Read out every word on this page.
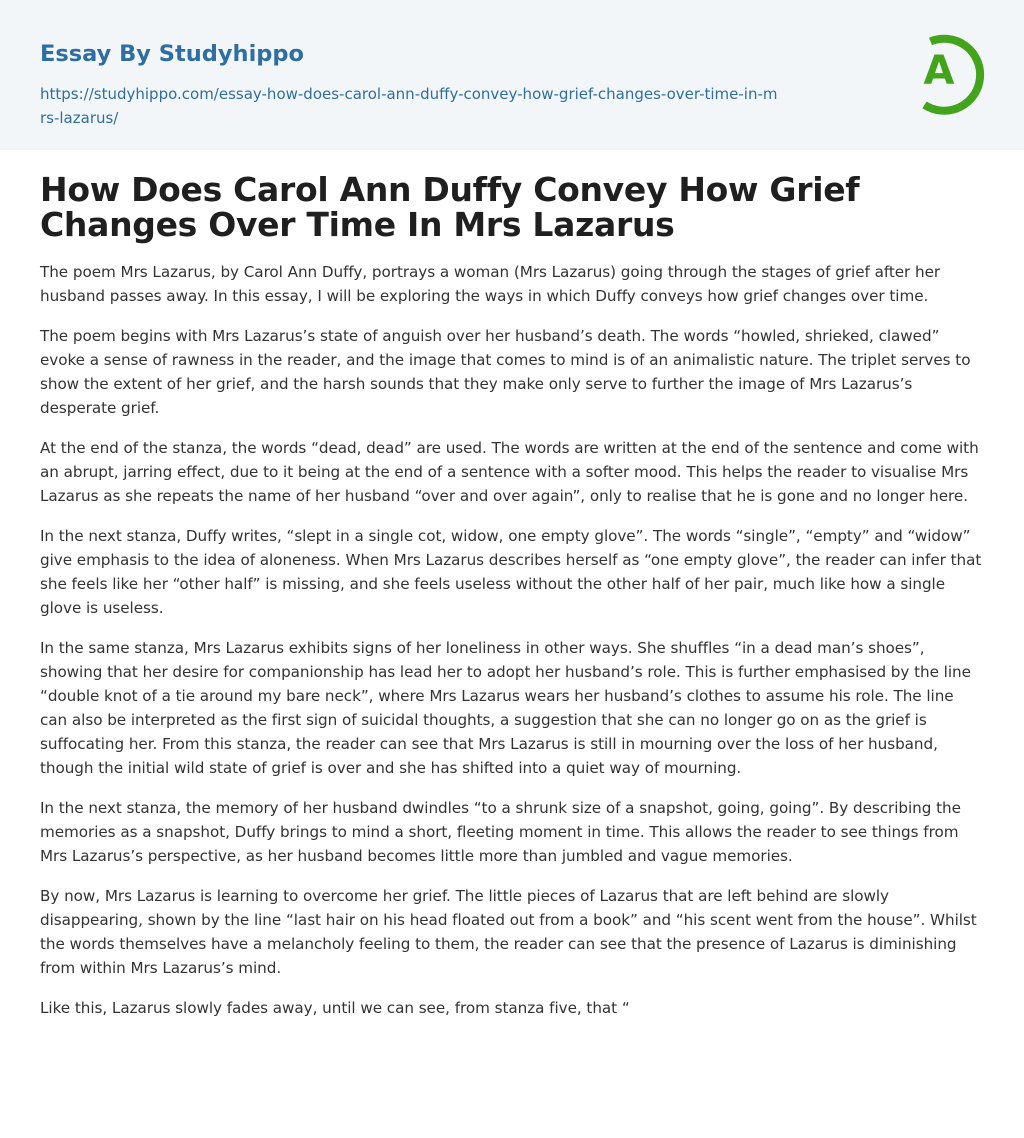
Essay By Studyhippo
https://studyhippo.com/essay-how-does-carol-ann-duffy-convey-how-grief-changes-over-time-in-mrs-lazarus/
A
How Does Carol Ann Duffy Convey How Grief Changes Over Time In Mrs Lazarus

The poem Mrs Lazarus, by Carol Ann Duffy, portrays a woman (Mrs Lazarus) going through the stages of grief after her husband passes away. In this essay, I will be exploring the ways in which Duffy conveys how grief changes over time.

The poem begins with Mrs Lazarus’s state of anguish over her husband’s death. The words “howled, shrieked, clawed” evoke a sense of rawness in the reader, and the image that comes to mind is of an animalistic nature. The triplet serves to show the extent of her grief, and the harsh sounds that they make only serve to further the image of Mrs Lazarus’s desperate grief.

At the end of the stanza, the words “dead, dead” are used. The words are written at the end of the sentence and come with an abrupt, jarring effect, due to it being at the end of a sentence with a softer mood. This helps the reader to visualise Mrs Lazarus as she repeats the name of her husband “over and over again”, only to realise that he is gone and no longer here.

In the next stanza, Duffy writes, “slept in a single cot, widow, one empty glove”. The words “single”, “empty” and “widow” give emphasis to the idea of aloneness. When Mrs Lazarus describes herself as “one empty glove”, the reader can infer that she feels like her “other half” is missing, and she feels useless without the other half of her pair, much like how a single glove is useless.

In the same stanza, Mrs Lazarus exhibits signs of her loneliness in other ways. She shuffles “in a dead man’s shoes”, showing that her desire for companionship has lead her to adopt her husband’s role. This is further emphasised by the line “double knot of a tie around my bare neck”, where Mrs Lazarus wears her husband’s clothes to assume his role. The line can also be interpreted as the first sign of suicidal thoughts, a suggestion that she can no longer go on as the grief is suffocating her. From this stanza, the reader can see that Mrs Lazarus is still in mourning over the loss of her husband, though the initial wild state of grief is over and she has shifted into a quiet way of mourning.

In the next stanza, the memory of her husband dwindles “to a shrunk size of a snapshot, going, going”. By describing the memories as a snapshot, Duffy brings to mind a short, fleeting moment in time. This allows the reader to see things from Mrs Lazarus’s perspective, as her husband becomes little more than jumbled and vague memories.

By now, Mrs Lazarus is learning to overcome her grief. The little pieces of Lazarus that are left behind are slowly disappearing, shown by the line “last hair on his head floated out from a book” and “his scent went from the house”. Whilst the words themselves have a melancholy feeling to them, the reader can see that the presence of Lazarus is diminishing from within Mrs Lazarus’s mind.

Like this, Lazarus slowly fades away, until we can see, from stanza five, that “
